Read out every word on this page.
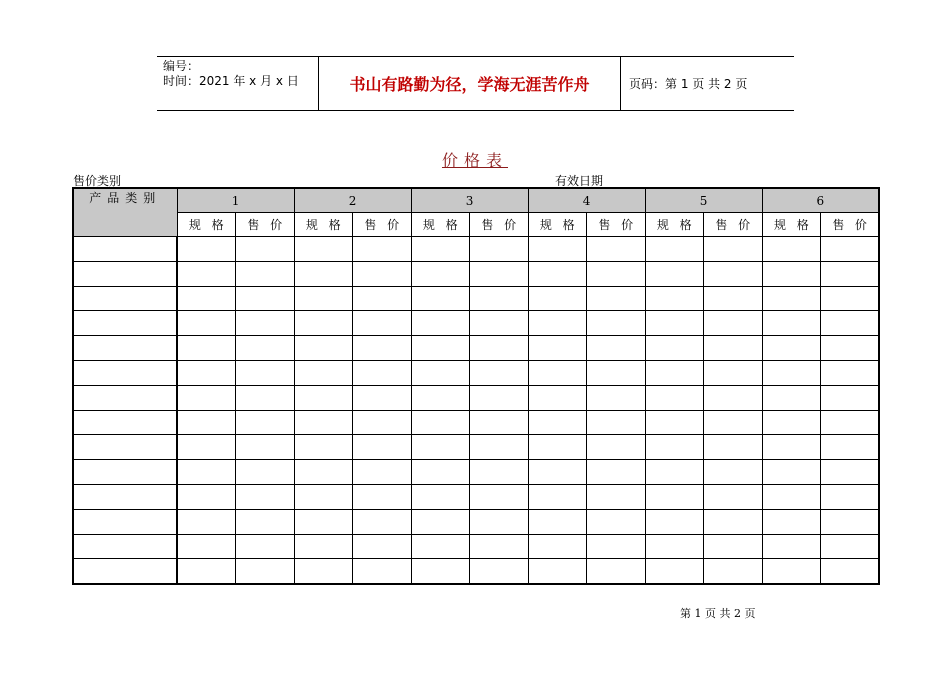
编号：
时间：2021 年 x 月 x 日	书山有路勤为径，学海无涯苦作舟	页码：第 1 页 共 2 页
价格表
售价类别	有效日期
产品类别	1		2		3		4		5		6	

	规 格	售 价	规 格	售 价	规 格	售 价	规 格	售 价	规 格	售 价	规 格	售 价

第 1 页 共 2 页
